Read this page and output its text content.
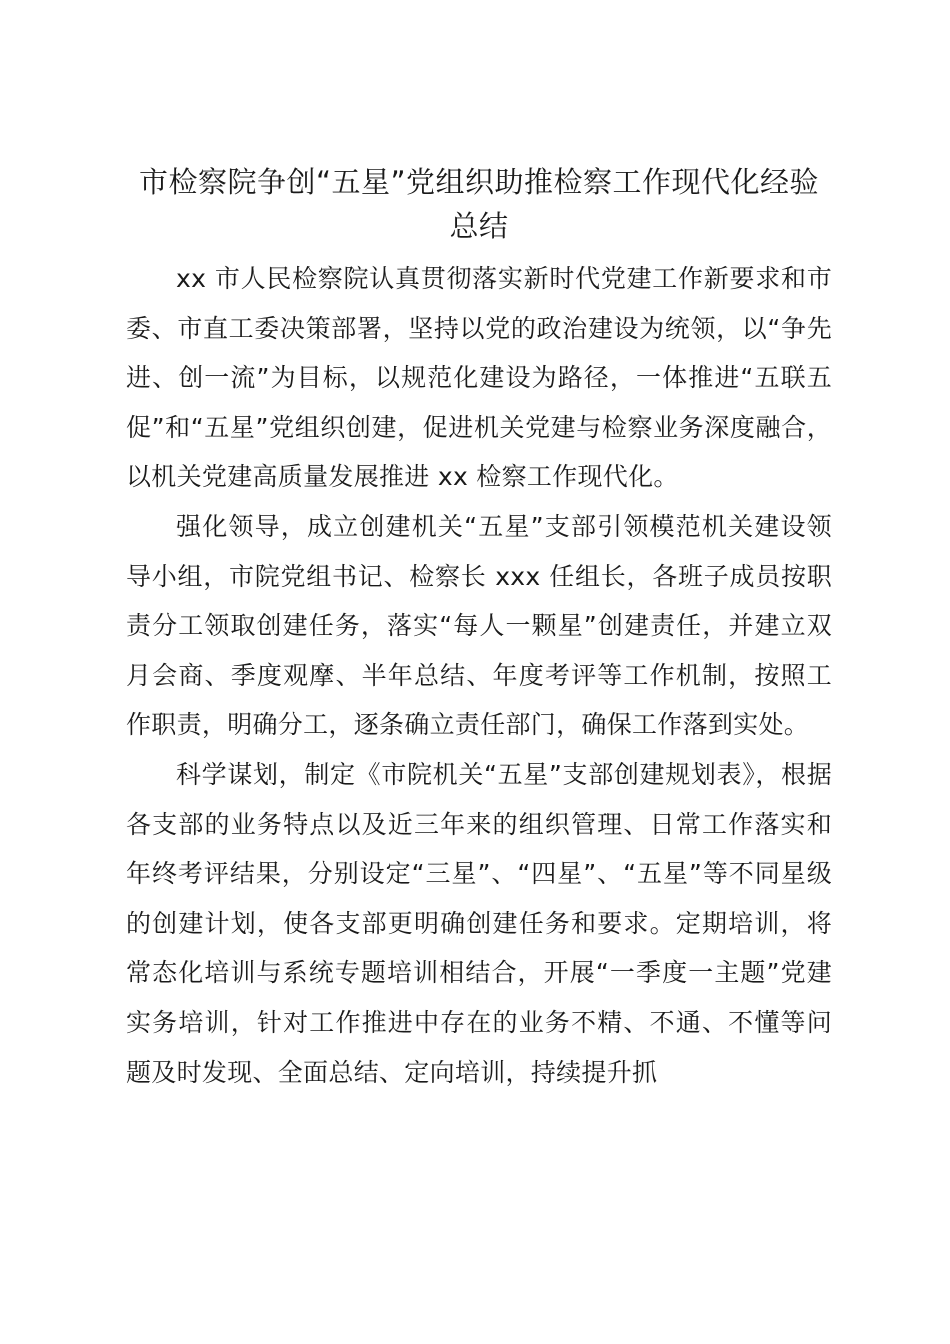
市检察院争创“五星”党组织助推检察工作现代化经验
总结

xx 市人民检察院认真贯彻落实新时代党建工作新要求和市委、市直工委决策部署，坚持以党的政治建设为统领，以“争先进、创一流”为目标，以规范化建设为路径，一体推进“五联五促”和“五星”党组织创建，促进机关党建与检察业务深度融合，以机关党建高质量发展推进 xx 检察工作现代化。

强化领导，成立创建机关“五星”支部引领模范机关建设领导小组，市院党组书记、检察长 xxx 任组长，各班子成员按职责分工领取创建任务，落实“每人一颗星”创建责任，并建立双月会商、季度观摩、半年总结、年度考评等工作机制，按照工作职责，明确分工，逐条确立责任部门，确保工作落到实处。

科学谋划，制定《市院机关“五星”支部创建规划表》，根据各支部的业务特点以及近三年来的组织管理、日常工作落实和年终考评结果，分别设定“三星”、“四星”、“五星”等不同星级的创建计划，使各支部更明确创建任务和要求。定期培训，将常态化培训与系统专题培训相结合，开展“一季度一主题”党建实务培训，针对工作推进中存在的业务不精、不通、不懂等问题及时发现、全面总结、定向培训，持续提升抓
